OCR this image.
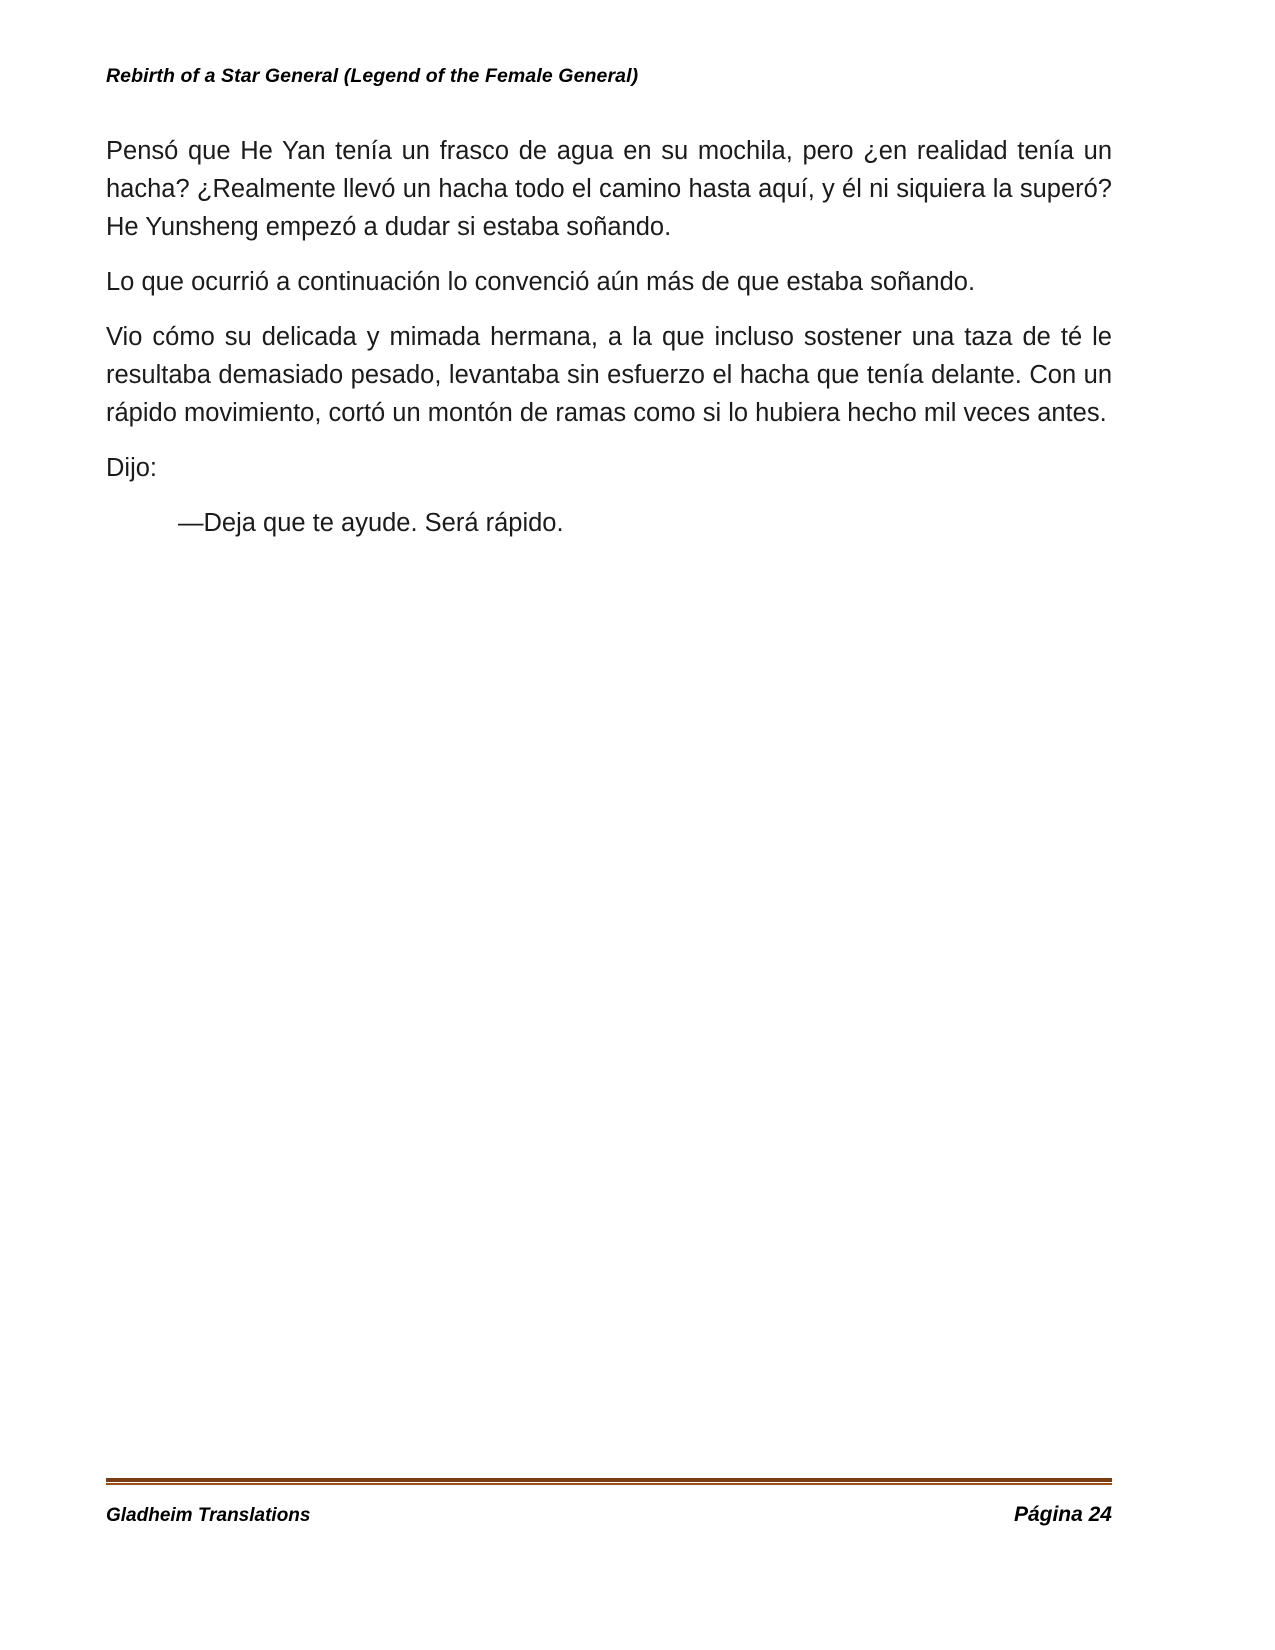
Rebirth of a Star General (Legend of the Female General)

Pensó que He Yan tenía un frasco de agua en su mochila, pero ¿en realidad tenía un hacha? ¿Realmente llevó un hacha todo el camino hasta aquí, y él ni siquiera la superó? He Yunsheng empezó a dudar si estaba soñando.

Lo que ocurrió a continuación lo convenció aún más de que estaba soñando.

Vio cómo su delicada y mimada hermana, a la que incluso sostener una taza de té le resultaba demasiado pesado, levantaba sin esfuerzo el hacha que tenía delante. Con un rápido movimiento, cortó un montón de ramas como si lo hubiera hecho mil veces antes.

Dijo:

—Deja que te ayude. Será rápido.

Gladheim Translations	Página 24
